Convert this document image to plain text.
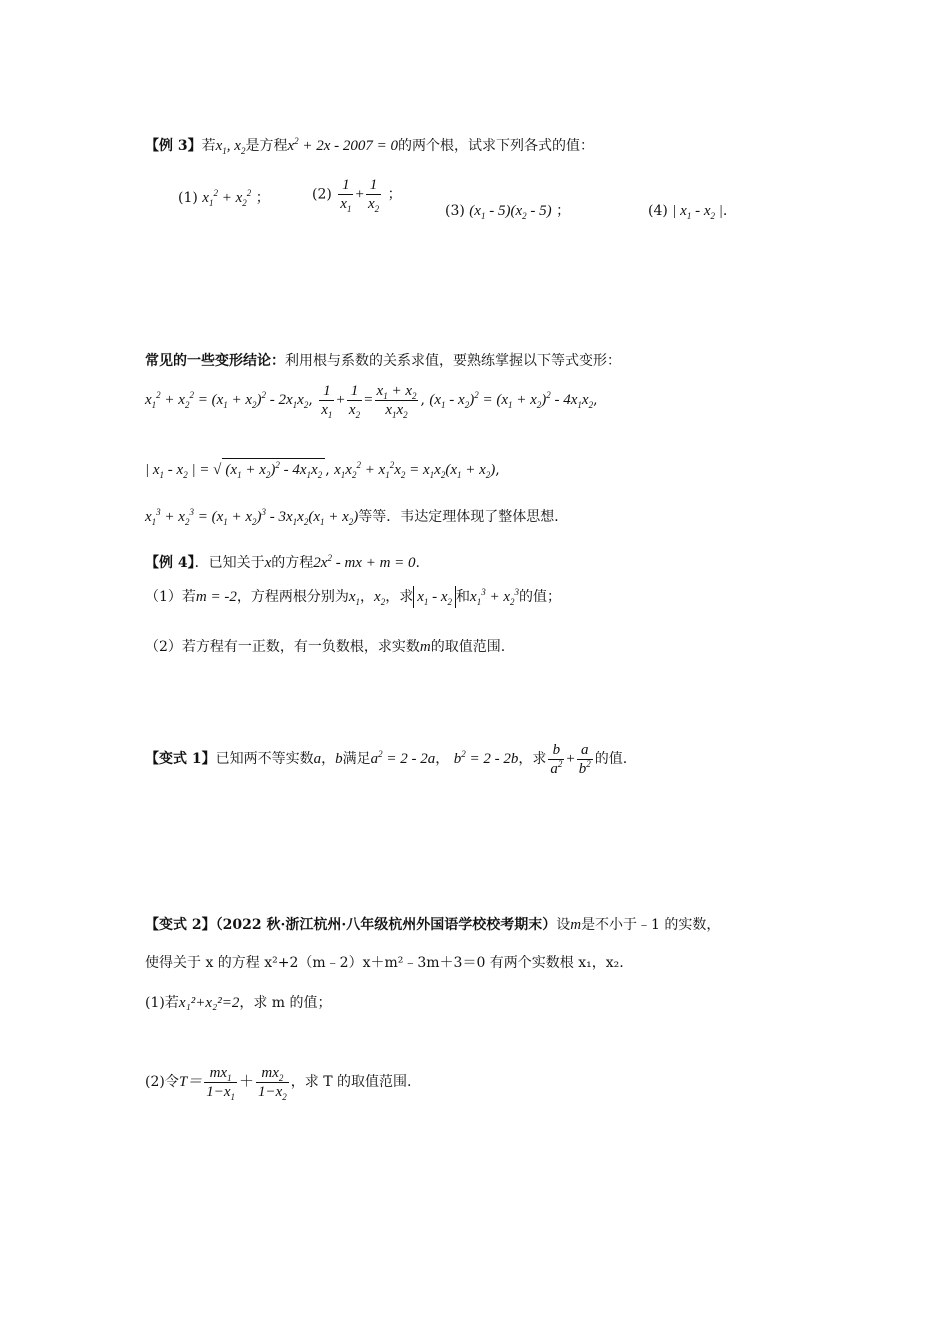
【例 3】若$x_1$, $x_2$是方程$x^2 + 2x - 2007 = 0$的两个根，试求下列各式的值：
(1) $x_1^2 + x_2^2$ ；	$(2) \frac{1}{x_1} + \frac{1}{x_2}$ ；
(3) $(x_1 - 5)(x_2 - 5)$ ；	(4) | $x_1 - x_2$ |.
常见的一些变形结论：利用根与系数的关系求值，要熟练掌握以下等式变形：
$x_1^2 + x_2^2 = (x_1 + x_2)^2 - 2x_1x_2$, $\frac{1}{x_1} + \frac{1}{x_2} = \frac{x_1 + x_2}{x_1x_2}$ , $(x_1 - x_2)^2 = (x_1 + x_2)^2 - 4x_1x_2$,
| $x_1 - x_2$ | = √ $(x_1 + x_2)^2 - 4x_1x_2$ , $x_1x_2^2 + x_1^2x_2 = x_1x_2(x_1 + x_2)$,
$x_1^3 + x_2^3 = (x_1 + x_2)^3 - 3x_1x_2(x_1 + x_2)$等等．韦达定理体现了整体思想．
【例 4】．已知关于x的方程$2x^2$ - mx + m = 0.
（1）若m = -2，方程两根分别为$x_1$，$x_2$，求 $x_1 - x_2$ 和$x_1^3 + x_2^3$的值；
（2）若方程有一正数，有一负数根，求实数m的取值范围.
【变式 1】已知两不等实数a，b满足$a^2 = 2 - 2a$， $b^2 = 2 - 2b$，求 $\frac{b}{a^2} + \frac{a}{b^2}$ 的值.
【变式 2】（2022 秋·浙江杭州·八年级杭州外国语学校校考期末）设m是不小于﹣1 的实数，
使得关于 x 的方程 x²+2（m﹣2）x＋m²﹣3m＋3＝0 有两个实数根 x₁，x₂.
(1)若x₁²+x₂²=2，求 m 的值；
(2)令$T= \frac{mx_1}{1-x_1} + \frac{mx_2}{1-x_2}$ ，求 T 的取值范围.
